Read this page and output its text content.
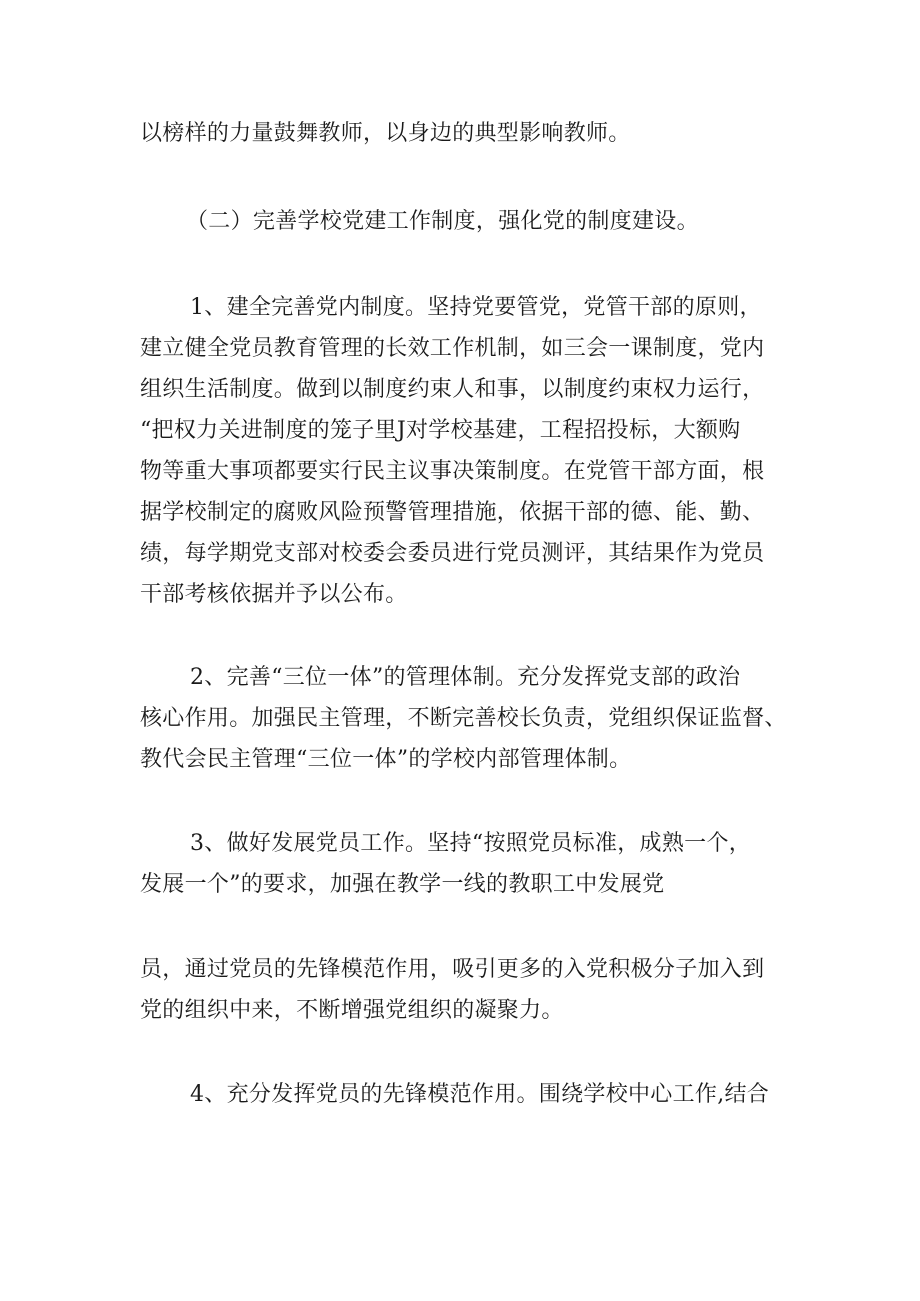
以榜样的力量鼓舞教师，以身边的典型影响教师。
（二）完善学校党建工作制度，强化党的制度建设。
1、建全完善党内制度。坚持党要管党，党管干部的原则，
建立健全党员教育管理的长效工作机制，如三会一课制度，党内
组织生活制度。做到以制度约束人和事，以制度约束权力运行，
“把权力关进制度的笼子里J对学校基建，工程招投标，大额购
物等重大事项都要实行民主议事决策制度。在党管干部方面，根
据学校制定的腐败风险预警管理措施，依据干部的德、能、勤、
绩，每学期党支部对校委会委员进行党员测评，其结果作为党员
干部考核依据并予以公布。
2、完善“三位一体”的管理体制。充分发挥党支部的政治
核心作用。加强民主管理，不断完善校长负责，党组织保证监督、
教代会民主管理“三位一体”的学校内部管理体制。
3、做好发展党员工作。坚持“按照党员标准，成熟一个，
发展一个”的要求，加强在教学一线的教职工中发展党
员，通过党员的先锋模范作用，吸引更多的入党积极分子加入到
党的组织中来，不断增强党组织的凝聚力。
4、充分发挥党员的先锋模范作用。围绕学校中心工作,结合
